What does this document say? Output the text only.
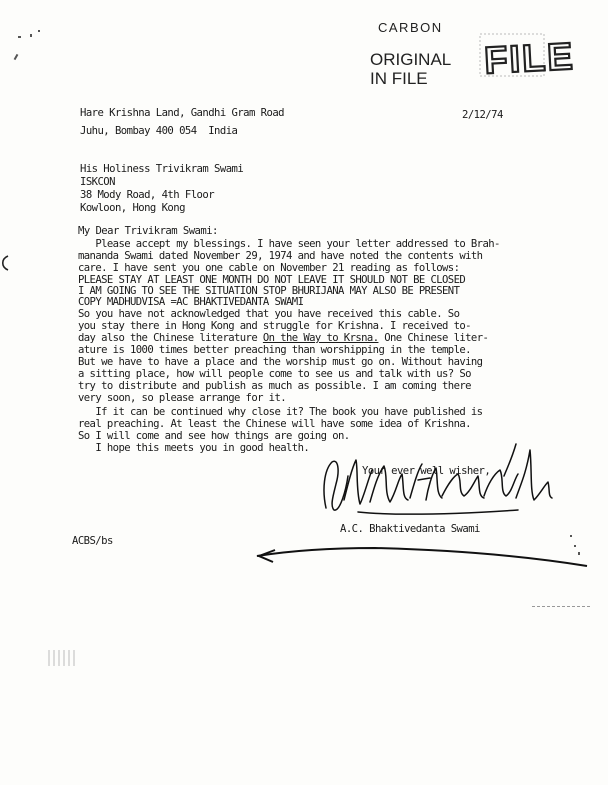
CARBON
ORIGINAL
IN FILE	FILE
Hare Krishna Land, Gandhi Gram Road
Juhu, Bombay 400 054  India
2/12/74
His Holiness Trivikram Swami
ISKCON
38 Mody Road, 4th Floor
Kowloon, Hong Kong
My Dear Trivikram Swami:
Please accept my blessings. I have seen your letter addressed to Brah-
mananda Swami dated November 29, 1974 and have noted the contents with
care. I have sent you one cable on November 21 reading as follows:
PLEASE STAY AT LEAST ONE MONTH DO NOT LEAVE IT SHOULD NOT BE CLOSED
I AM GOING TO SEE THE SITUATION STOP BHURIJANA MAY ALSO BE PRESENT
COPY MADHUDVISA =AC BHAKTIVEDANTA SWAMI
So you have not acknowledged that you have received this cable. So
you stay there in Hong Kong and struggle for Krishna. I received to-
day also the Chinese literature On the Way to Krsna. One Chinese liter-
ature is 1000 times better preaching than worshipping in the temple.
But we have to have a place and the worship must go on. Without having
a sitting place, how will people come to see us and talk with us? So
try to distribute and publish as much as possible. I am coming there
very soon, so please arrange for it.
If it can be continued why close it? The book you have published is
real preaching. At least the Chinese will have some idea of Krishna.
So I will come and see how things are going on.
I hope this meets you in good health.
Your ever well wisher,
A.C. Bhaktivedanta Swami
ACBS/bs
